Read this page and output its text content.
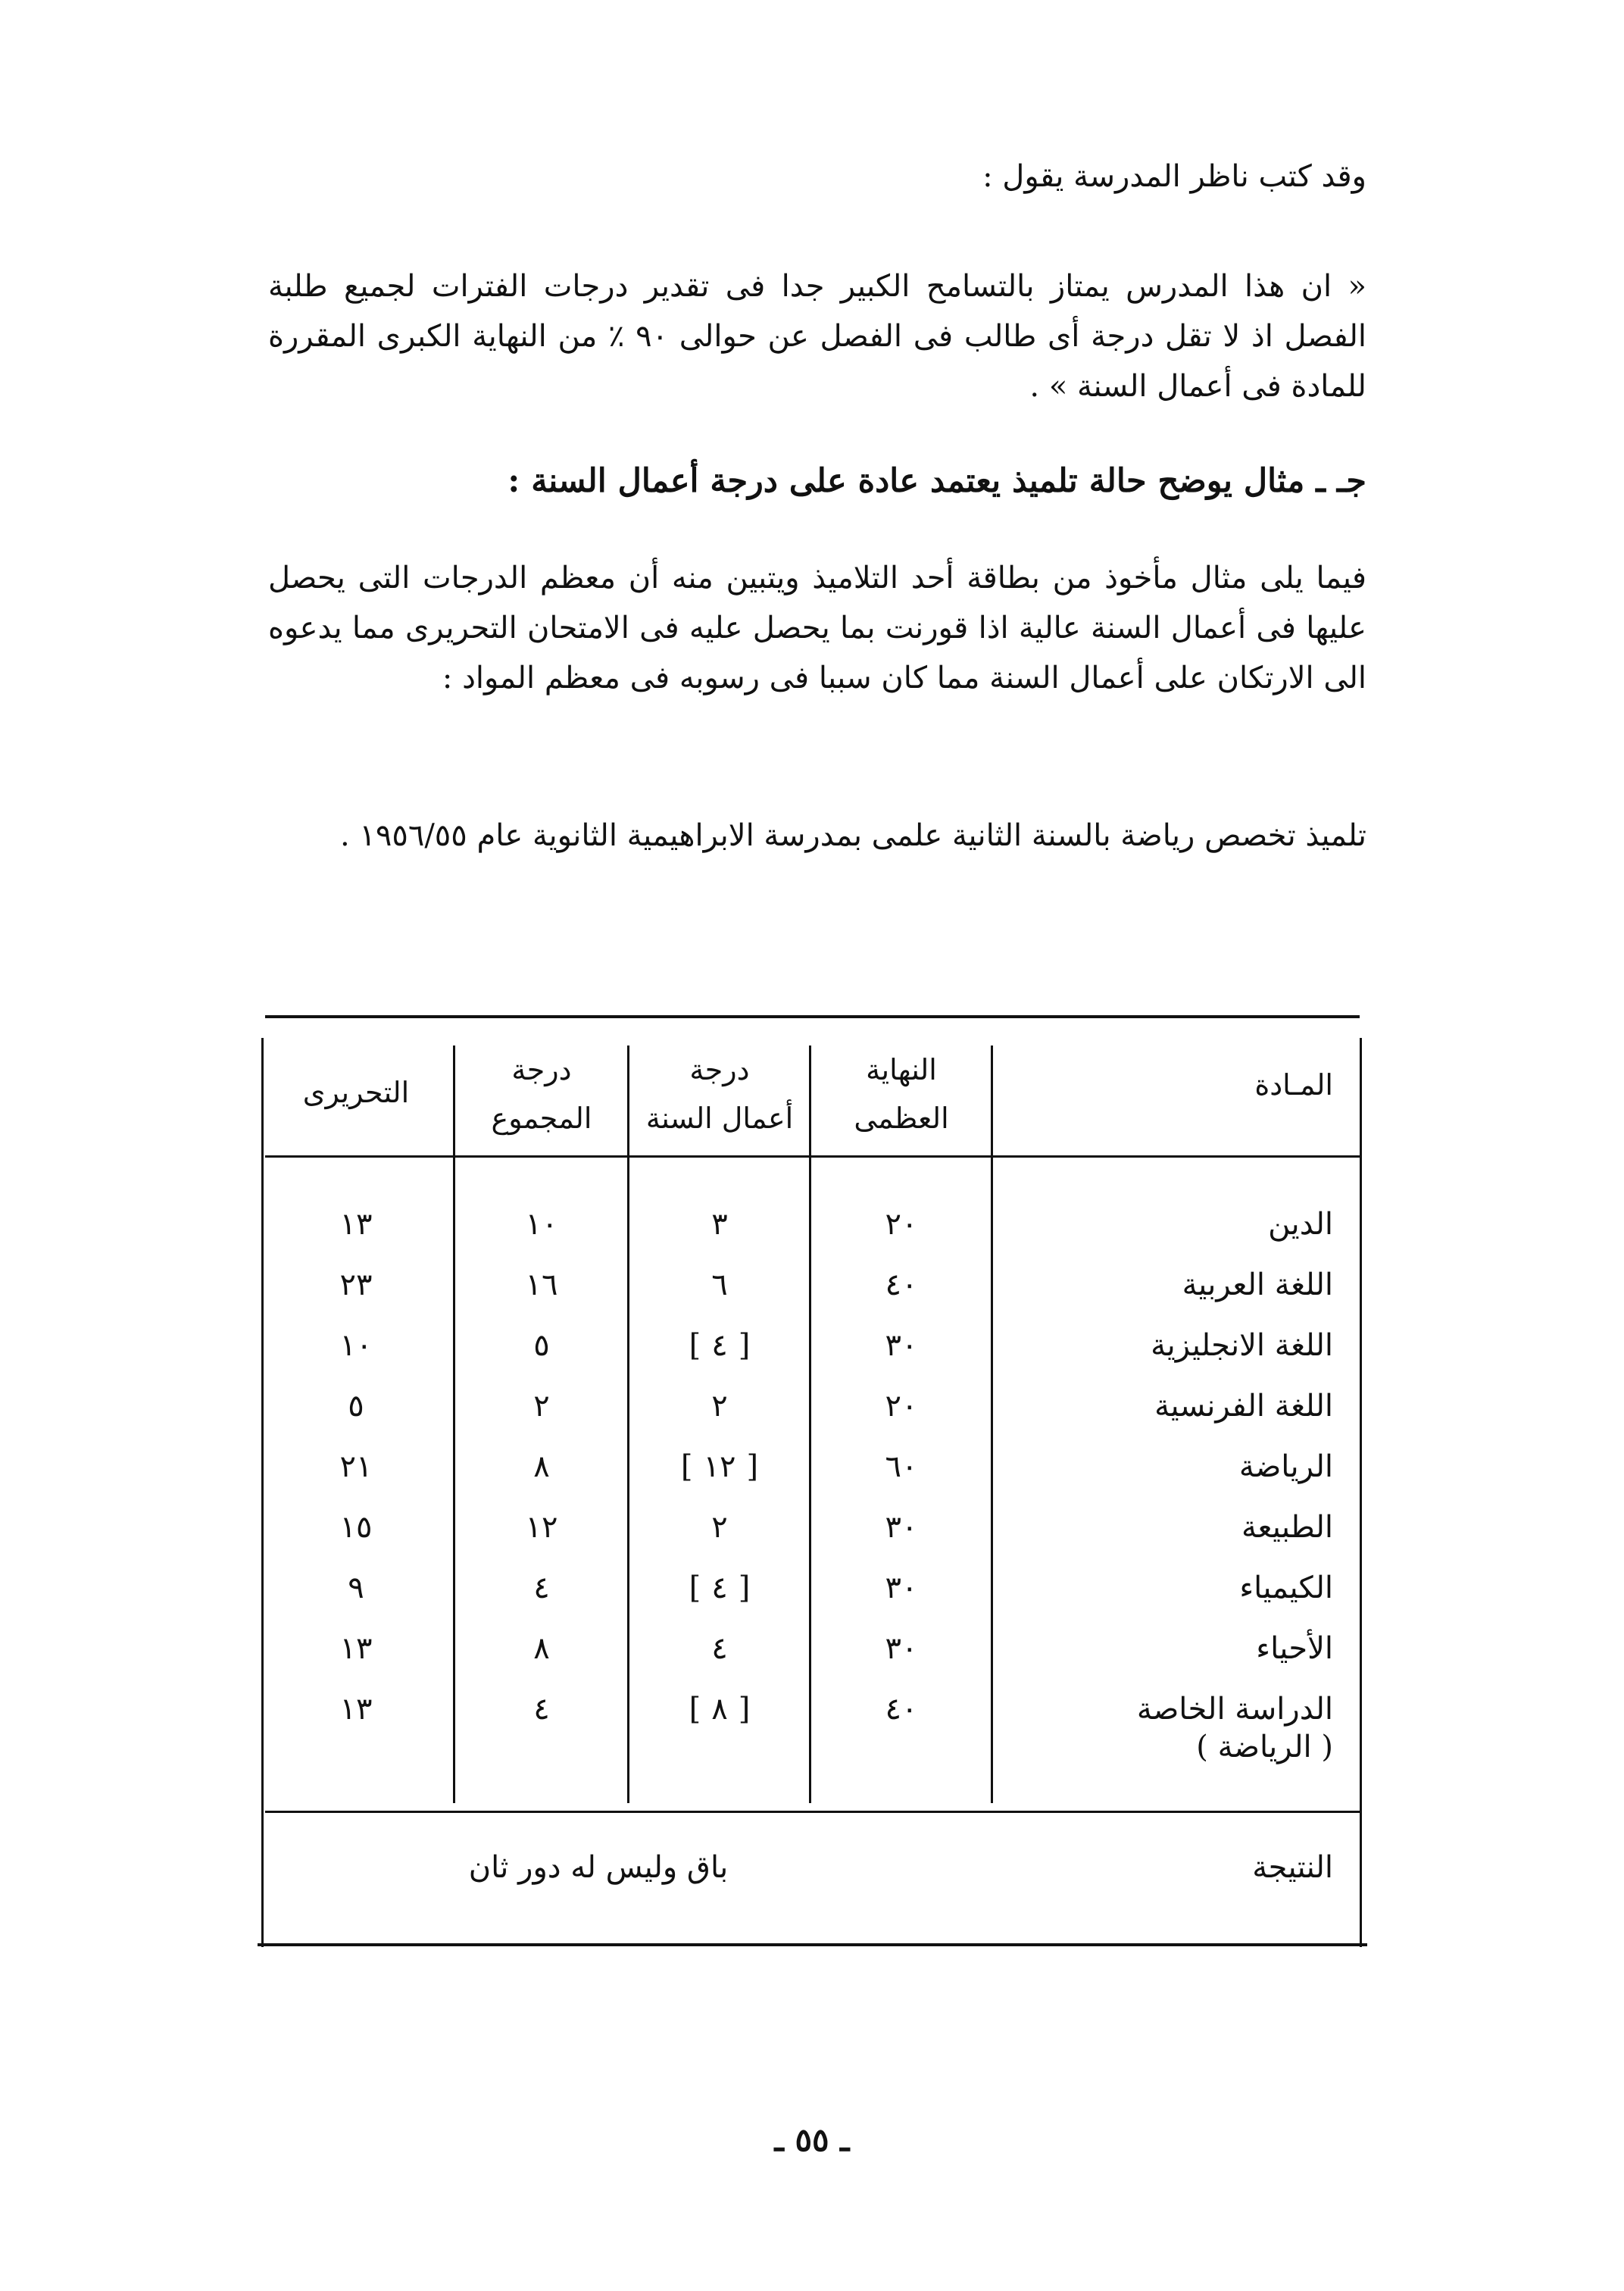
وقد كتب ناظر المدرسة يقول :
« ان هذا المدرس يمتاز بالتسامح الكبير جدا فى تقدير درجات الفترات لجميع طلبة الفصل اذ لا تقل درجة أى طالب فى الفصل عن حوالى ٩٠ ٪ من النهاية الكبرى المقررة للمادة فى أعمال السنة » .
جـ ـ مثال يوضح حالة تلميذ يعتمد عادة على درجة أعمال السنة :
فيما يلى مثال مأخوذ من بطاقة أحد التلاميذ ويتبين منه أن معظم الدرجات التى يحصل عليها فى أعمال السنة عالية اذا قورنت بما يحصل عليه فى الامتحان التحريرى مما يدعوه الى الارتكان على أعمال السنة مما كان سببا فى رسوبه فى معظم المواد :
تلميذ تخصص رياضة بالسنة الثانية علمى بمدرسة الابراهيمية الثانوية عام ١٩٥٦/٥٥ .
المـادة
النهاية
العظمى
درجة
أعمال السنة
درجة
المجموع
التحريرى
الدين
٢٠
٣
١٠
١٣
اللغة العربية
٤٠
٦
١٦
٢٣
اللغة الانجليزية
٣٠
[ ٤ ]
٥
١٠
اللغة الفرنسية
٢٠
٢
٢
٥
الرياضة
٦٠
[ ١٢ ]
٨
٢١
الطبيعة
٣٠
٢
١٢
١٥
الكيمياء
٣٠
[ ٤ ]
٤
٩
الأحياء
٣٠
٤
٨
١٣
الدراسة الخاصة
٤٠
[ ٨ ]
٤
١٣
( الرياضة )
النتيجة
باق وليس له دور ثان
ـ ٥٥ ـ
